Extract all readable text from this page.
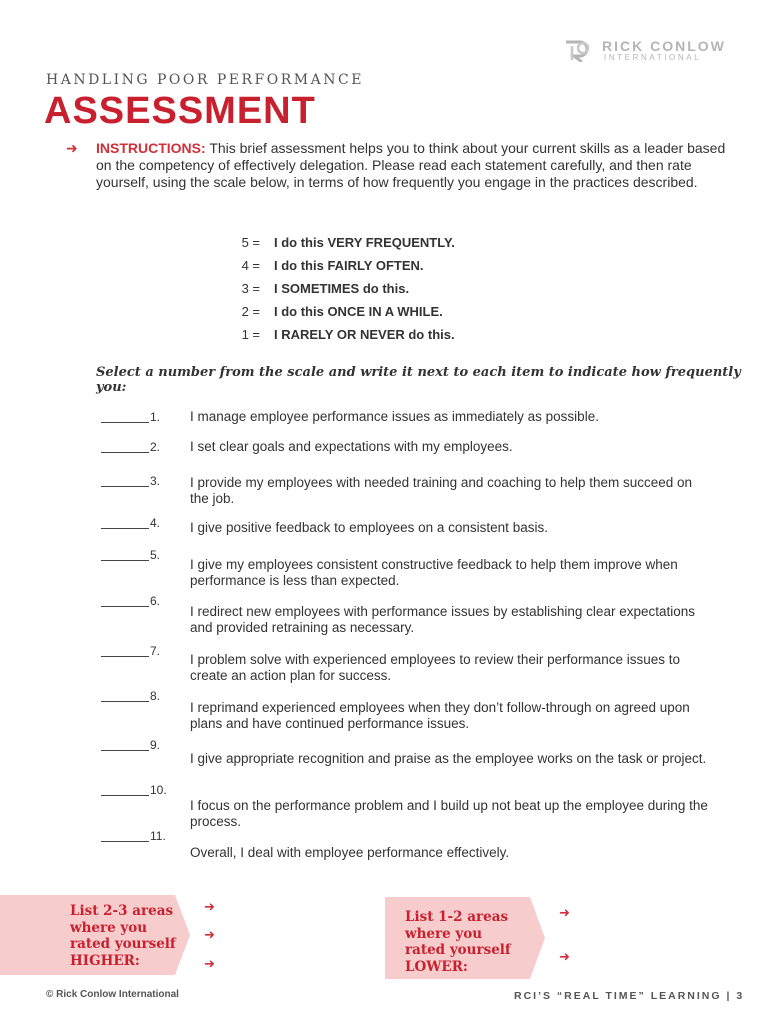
RICK CONLOW
INTERNATIONAL
HANDLING POOR PERFORMANCE
ASSESSMENT
➜ INSTRUCTIONS: This brief assessment helps you to think about your current skills as a leader based on the competency of effectively delegation. Please read each statement carefully, and then rate yourself, using the scale below, in terms of how frequently you engage in the practices described.
5 = I do this VERY FREQUENTLY.
4 = I do this FAIRLY OFTEN.
3 = I SOMETIMES do this.
2 = I do this ONCE IN A WHILE.
1 = I RARELY OR NEVER do this.
Select a number from the scale and write it next to each item to indicate how frequently you:
1. I manage employee performance issues as immediately as possible.
2. I set clear goals and expectations with my employees.
3. I provide my employees with needed training and coaching to help them succeed on the job.
4. I give positive feedback to employees on a consistent basis.
5.
I give my employees consistent constructive feedback to help them improve when performance is less than expected.
6.
I redirect new employees with performance issues by establishing clear expectations and provided retraining as necessary.
7.
I problem solve with experienced employees to review their performance issues to create an action plan for success.
8.
I reprimand experienced employees when they don’t follow-through on agreed upon plans and have continued performance issues.
9.
I give appropriate recognition and praise as the employee works on the task or project.
10.
I focus on the performance problem and I build up not beat up the employee during the process.
11.
Overall, I deal with employee performance effectively.
List 2-3 areas where you rated yourself HIGHER:
➜
➜
➜
List 1-2 areas where you rated yourself LOWER:
➜
➜
© Rick Conlow International	RCI’S “REAL TIME” LEARNING | 3
